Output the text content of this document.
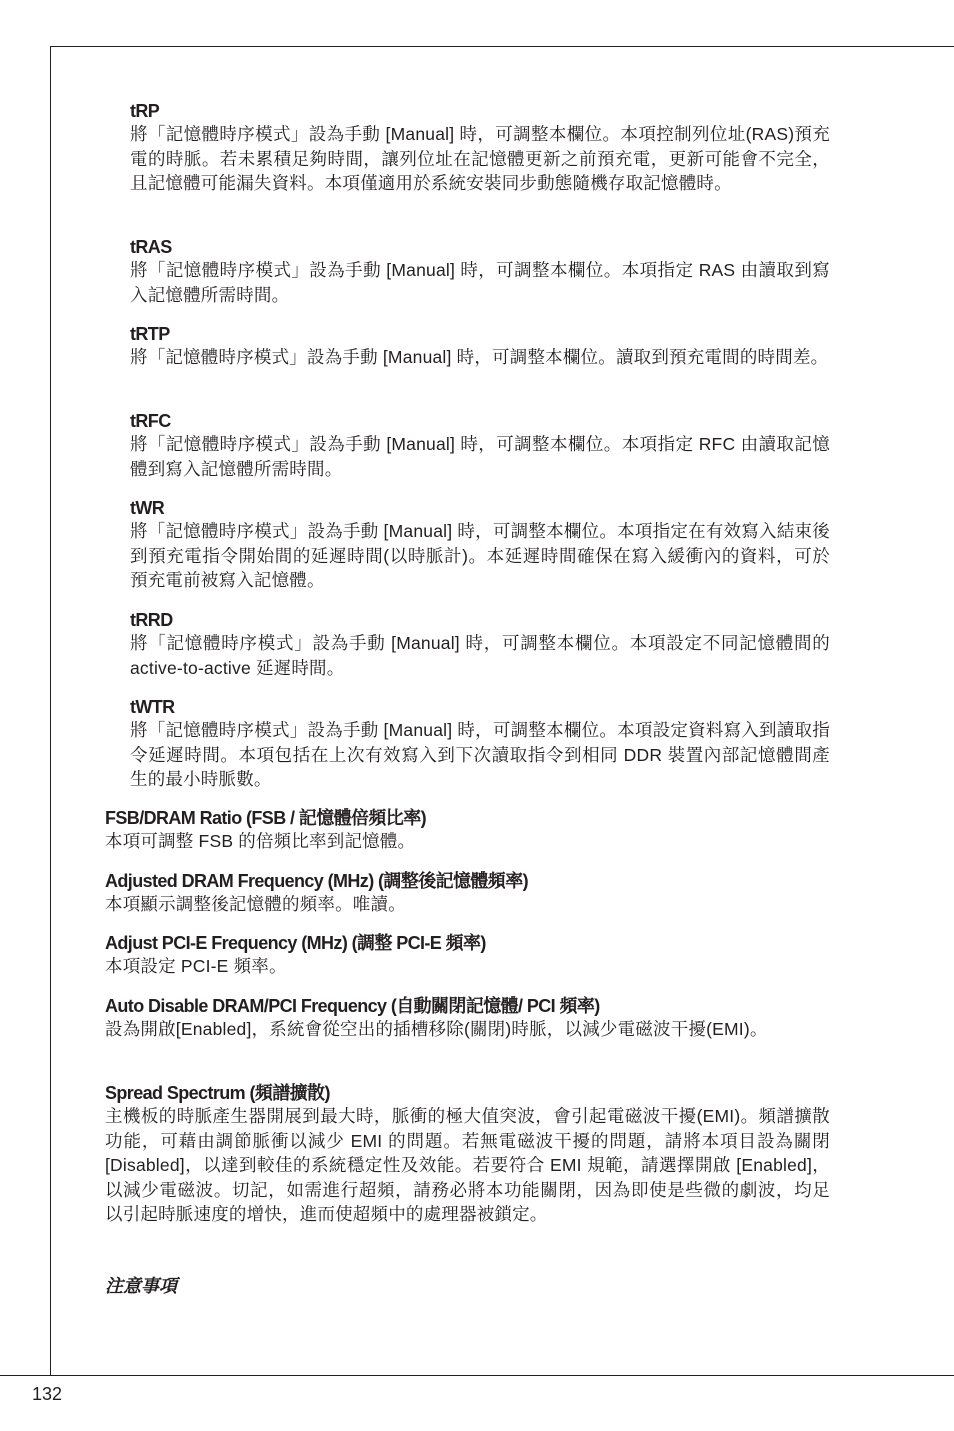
tRP

將「記憶體時序模式」設為手動 [Manual] 時，可調整本欄位。本項控制列位址(RAS)預充電的時脈。若未累積足夠時間，讓列位址在記憶體更新之前預充電，更新可能會不完全，且記憶體可能漏失資料。本項僅適用於系統安裝同步動態隨機存取記憶體時。

tRAS

將「記憶體時序模式」設為手動 [Manual] 時，可調整本欄位。本項指定 RAS 由讀取到寫入記憶體所需時間。

tRTP

將「記憶體時序模式」設為手動 [Manual] 時，可調整本欄位。讀取到預充電間的時間差。

tRFC

將「記憶體時序模式」設為手動 [Manual] 時，可調整本欄位。本項指定 RFC 由讀取記憶體到寫入記憶體所需時間。

tWR

將「記憶體時序模式」設為手動 [Manual] 時，可調整本欄位。本項指定在有效寫入結束後到預充電指令開始間的延遲時間(以時脈計)。本延遲時間確保在寫入緩衝內的資料，可於預充電前被寫入記憶體。

tRRD

將「記憶體時序模式」設為手動 [Manual] 時，可調整本欄位。本項設定不同記憶體間的 active-to-active 延遲時間。

tWTR

將「記憶體時序模式」設為手動 [Manual] 時，可調整本欄位。本項設定資料寫入到讀取指令延遲時間。本項包括在上次有效寫入到下次讀取指令到相同 DDR 裝置內部記憶體間產生的最小時脈數。

FSB/DRAM Ratio (FSB / 記憶體倍頻比率)

本項可調整 FSB 的倍頻比率到記憶體。

Adjusted DRAM Frequency (MHz) (調整後記憶體頻率)

本項顯示調整後記憶體的頻率。唯讀。

Adjust PCI-E Frequency (MHz) (調整 PCI-E 頻率)

本項設定 PCI-E 頻率。

Auto Disable DRAM/PCI Frequency (自動關閉記憶體/ PCI 頻率)

設為開啟[Enabled]，系統會從空出的插槽移除(關閉)時脈，以減少電磁波干擾(EMI)。

Spread Spectrum (頻譜擴散)

主機板的時脈產生器開展到最大時，脈衝的極大值突波，會引起電磁波干擾(EMI)。頻譜擴散功能，可藉由調節脈衝以減少 EMI 的問題。若無電磁波干擾的問題，請將本項目設為關閉 [Disabled]，以達到較佳的系統穩定性及效能。若要符合 EMI 規範，請選擇開啟 [Enabled]，以減少電磁波。切記，如需進行超頻，請務必將本功能關閉，因為即使是些微的劇波，均足以引起時脈速度的增快，進而使超頻中的處理器被鎖定。

注意事項
132
